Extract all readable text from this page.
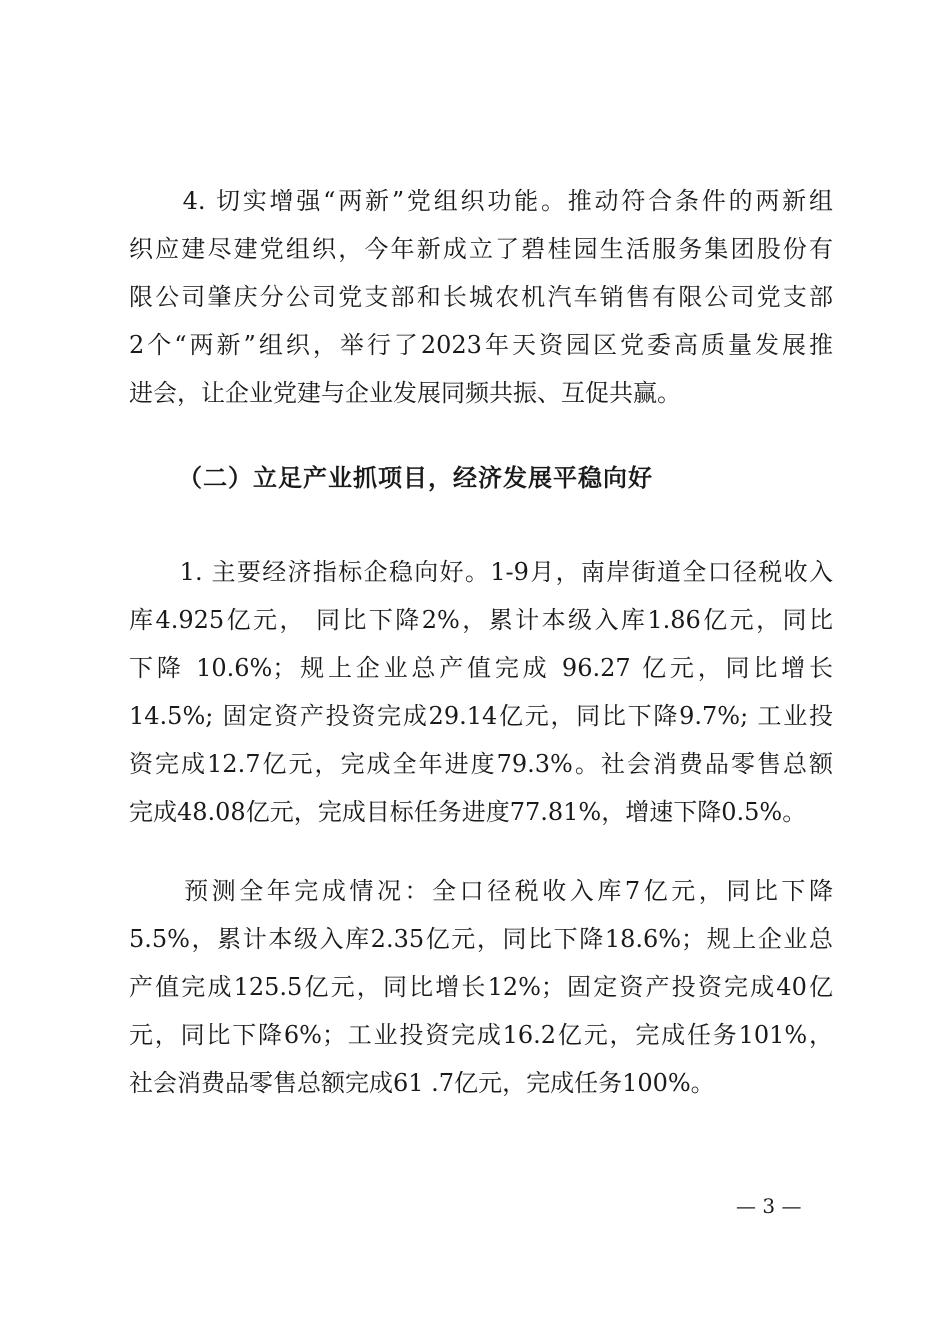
　　4. 切实增强“两新”党组织功能。推动符合条件的两新组
织应建尽建党组织，今年新成立了碧桂园生活服务集团股份有
限公司肇庆分公司党支部和长城农机汽车销售有限公司党支部
2个“两新”组织，举行了2023年天资园区党委高质量发展推
进会，让企业党建与企业发展同频共振、互促共赢。
（二）立足产业抓项目，经济发展平稳向好
　　1. 主要经济指标企稳向好。1-9月，南岸街道全口径税收入
库4.925亿元， 同比下降2%，累计本级入库1.86亿元，同比
下降 10.6%；规上企业总产值完成 96.27 亿元，同比增长
14.5%; 固定资产投资完成29.14亿元，同比下降9.7%; 工业投
资完成12.7亿元，完成全年进度79.3%。社会消费品零售总额
完成48.08亿元，完成目标任务进度77.81%，增速下降0.5%。
　　预测全年完成情况：全口径税收入库7亿元，同比下降
5.5%，累计本级入库2.35亿元，同比下降18.6%；规上企业总
产值完成125.5亿元，同比增长12%；固定资产投资完成40亿
元，同比下降6%；工业投资完成16.2亿元，完成任务101%，
社会消费品零售总额完成61 .7亿元，完成任务100%。
— 3 —
